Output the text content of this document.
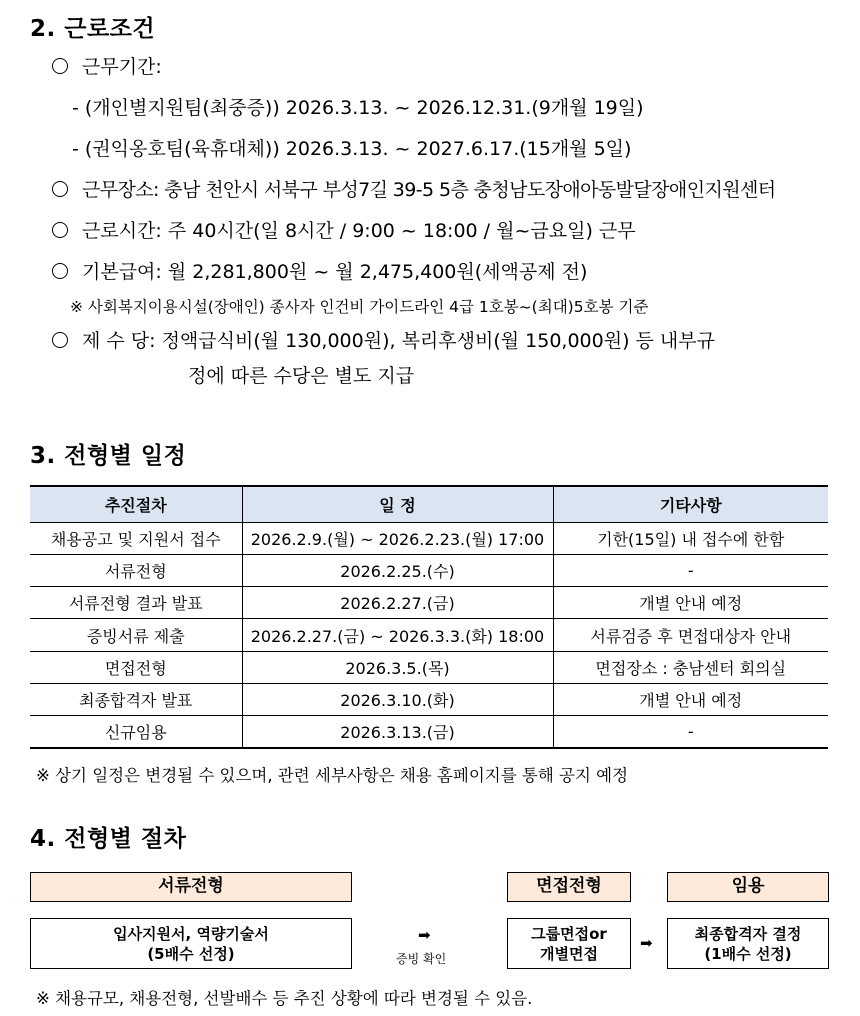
2. 근로조건
근무기간:
- (개인별지원팀(최중증)) 2026.3.13. ~ 2026.12.31.(9개월 19일)
- (권익옹호팀(육휴대체)) 2026.3.13. ~ 2027.6.17.(15개월 5일)
근무장소: 충남 천안시 서북구 부성7길 39-5 5층 충청남도장애아동발달장애인지원센터
근로시간: 주 40시간(일 8시간 / 9:00 ~ 18:00 / 월~금요일) 근무
기본급여: 월 2,281,800원 ~ 월 2,475,400원(세액공제 전)
※ 사회복지이용시설(장애인) 종사자 인건비 가이드라인 4급 1호봉~(최대)5호봉 기준
제 수 당: 정액급식비(월 130,000원), 복리후생비(월 150,000원) 등 내부규
정에 따른 수당은 별도 지급
3. 전형별 일정
추진절차	일 정	기타사항
채용공고 및 지원서 접수	2026.2.9.(월) ~ 2026.2.23.(월) 17:00	기한(15일) 내 접수에 한함
서류전형	2026.2.25.(수)	-
서류전형 결과 발표	2026.2.27.(금)	개별 안내 예정
증빙서류 제출	2026.2.27.(금) ~ 2026.3.3.(화) 18:00	서류검증 후 면접대상자 안내
면접전형	2026.3.5.(목)	면접장소 : 충남센터 회의실
최종합격자 발표	2026.3.10.(화)	개별 안내 예정
신규임용	2026.3.13.(금)	-
※ 상기 일정은 변경될 수 있으며, 관련 세부사항은 채용 홈페이지를 통해 공지 예정
4. 전형별 절차
서류전형	면접전형	임용
입사지원서, 역량기술서
(5배수 선정)
➡
증빙 확인
그룹면접or
개별면접
➡
최종합격자 결정
(1배수 선정)
※ 채용규모, 채용전형, 선발배수 등 추진 상황에 따라 변경될 수 있음.
